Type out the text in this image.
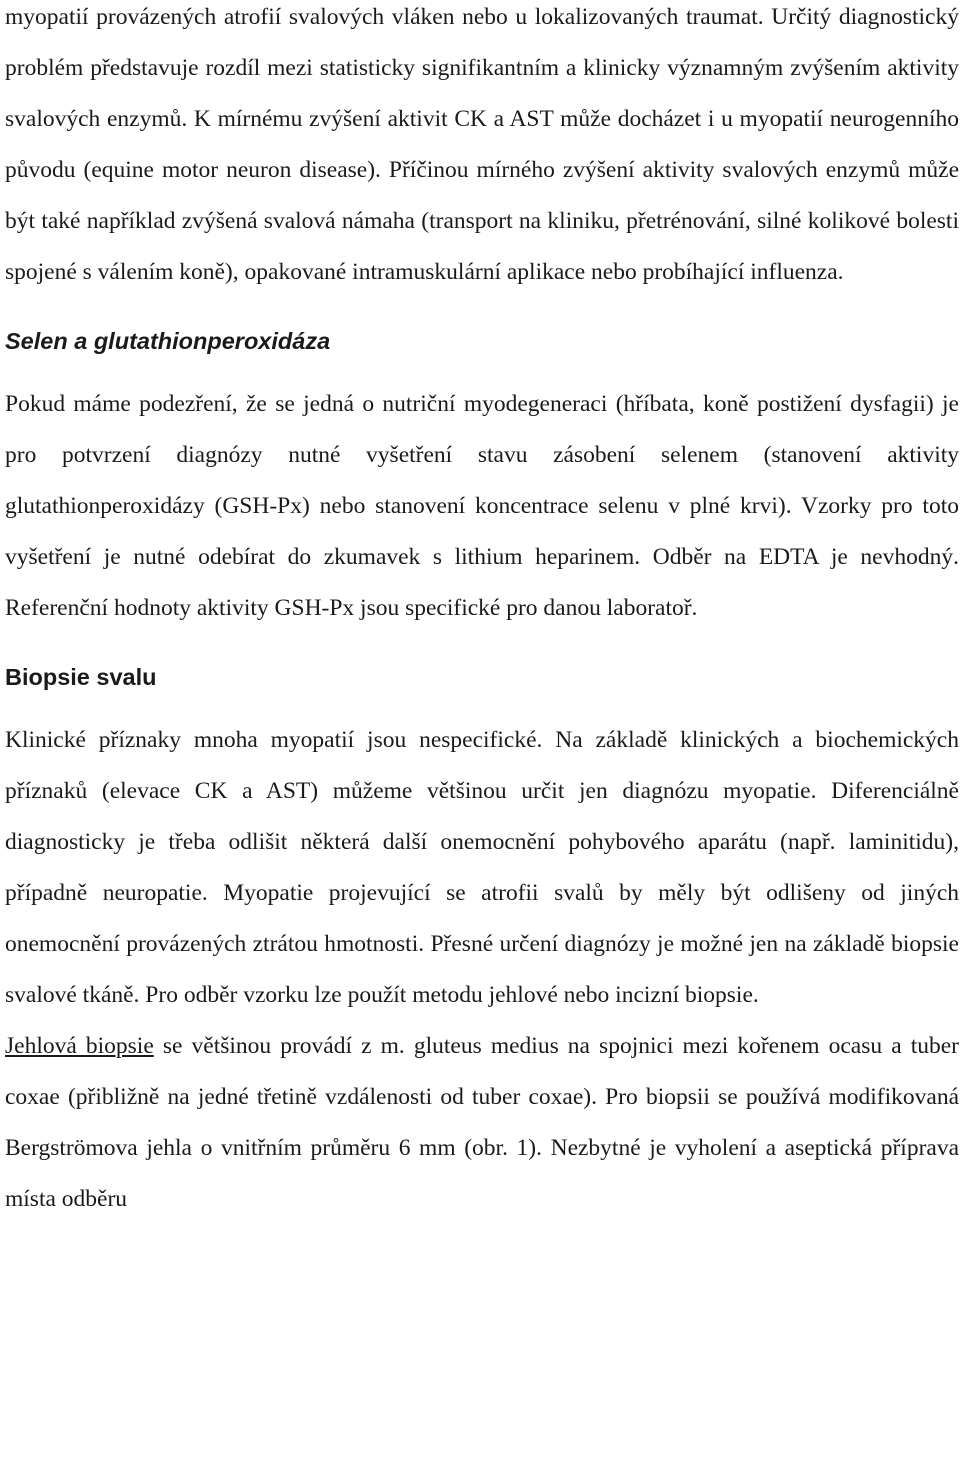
myopatií provázených atrofií svalových vláken nebo u lokalizovaných traumat. Určitý diagnostický problém představuje rozdíl mezi statisticky signifikantním a klinicky významným zvýšením aktivity svalových enzymů. K mírnému zvýšení aktivit CK a AST může docházet i u myopatií neurogenního původu (equine motor neuron disease). Příčinou mírného zvýšení aktivity svalových enzymů může být také například zvýšená svalová námaha (transport na kliniku, přetrénování, silné kolikové bolesti spojené s válením koně), opakované intramuskulární aplikace nebo probíhající influenza.

Selen a glutathionperoxidáza

Pokud máme podezření, že se jedná o nutriční myodegeneraci (hříbata, koně postižení dysfagii) je pro potvrzení diagnózy nutné vyšetření stavu zásobení selenem (stanovení aktivity glutathionperoxidázy (GSH-Px) nebo stanovení koncentrace selenu v plné krvi). Vzorky pro toto vyšetření je nutné odebírat do zkumavek s lithium heparinem. Odběr na EDTA je nevhodný. Referenční hodnoty aktivity GSH-Px jsou specifické pro danou laboratoř.

Biopsie svalu

Klinické příznaky mnoha myopatií jsou nespecifické. Na základě klinických a biochemických příznaků (elevace CK a AST) můžeme většinou určit jen diagnózu myopatie. Diferenciálně diagnosticky je třeba odlišit některá další onemocnění pohybového aparátu (např. laminitidu), případně neuropatie. Myopatie projevující se atrofii svalů by měly být odlišeny od jiných onemocnění provázených ztrátou hmotnosti. Přesné určení diagnózy je možné jen na základě biopsie svalové tkáně. Pro odběr vzorku lze použít metodu jehlové nebo incizní biopsie.

Jehlová biopsie se většinou provádí z m. gluteus medius na spojnici mezi kořenem ocasu a tuber coxae (přibližně na jedné třetině vzdálenosti od tuber coxae). Pro biopsii se používá modifikovaná Bergströmova jehla o vnitřním průměru 6 mm (obr. 1). Nezbytné je vyholení a aseptická příprava místa odběru
